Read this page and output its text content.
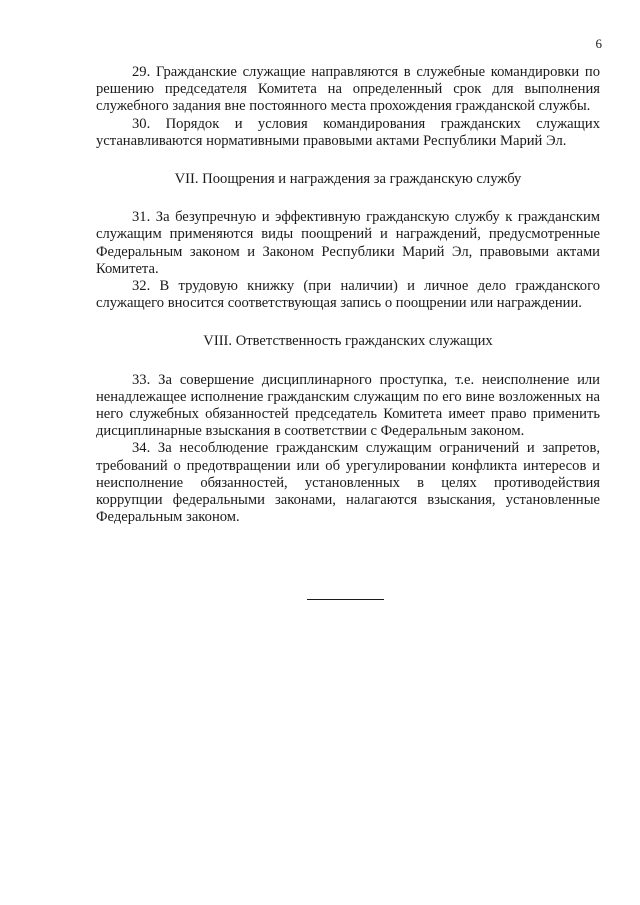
6

29. Гражданские служащие направляются в служебные командировки по решению председателя Комитета на определенный срок для выполнения служебного задания вне постоянного места прохождения гражданской службы.

30. Порядок и условия командирования гражданских служащих устанавливаются нормативными правовыми актами Республики Марий Эл.

VII. Поощрения и награждения за гражданскую службу

31. За безупречную и эффективную гражданскую службу к гражданским служащим применяются виды поощрений и награждений, предусмотренные Федеральным законом и Законом Республики Марий Эл, правовыми актами Комитета.

32. В трудовую книжку (при наличии) и личное дело гражданского служащего вносится соответствующая запись о поощрении или награждении.

VIII. Ответственность гражданских служащих

33. За совершение дисциплинарного проступка, т.е. неисполнение или ненадлежащее исполнение гражданским служащим по его вине возложенных на него служебных обязанностей председатель Комитета имеет право применить дисциплинарные взыскания в соответствии с Федеральным законом.

34. За несоблюдение гражданским служащим ограничений и запретов, требований о предотвращении или об урегулировании конфликта интересов и неисполнение обязанностей, установленных в целях противодействия коррупции федеральными законами, налагаются взыскания, установленные Федеральным законом.
